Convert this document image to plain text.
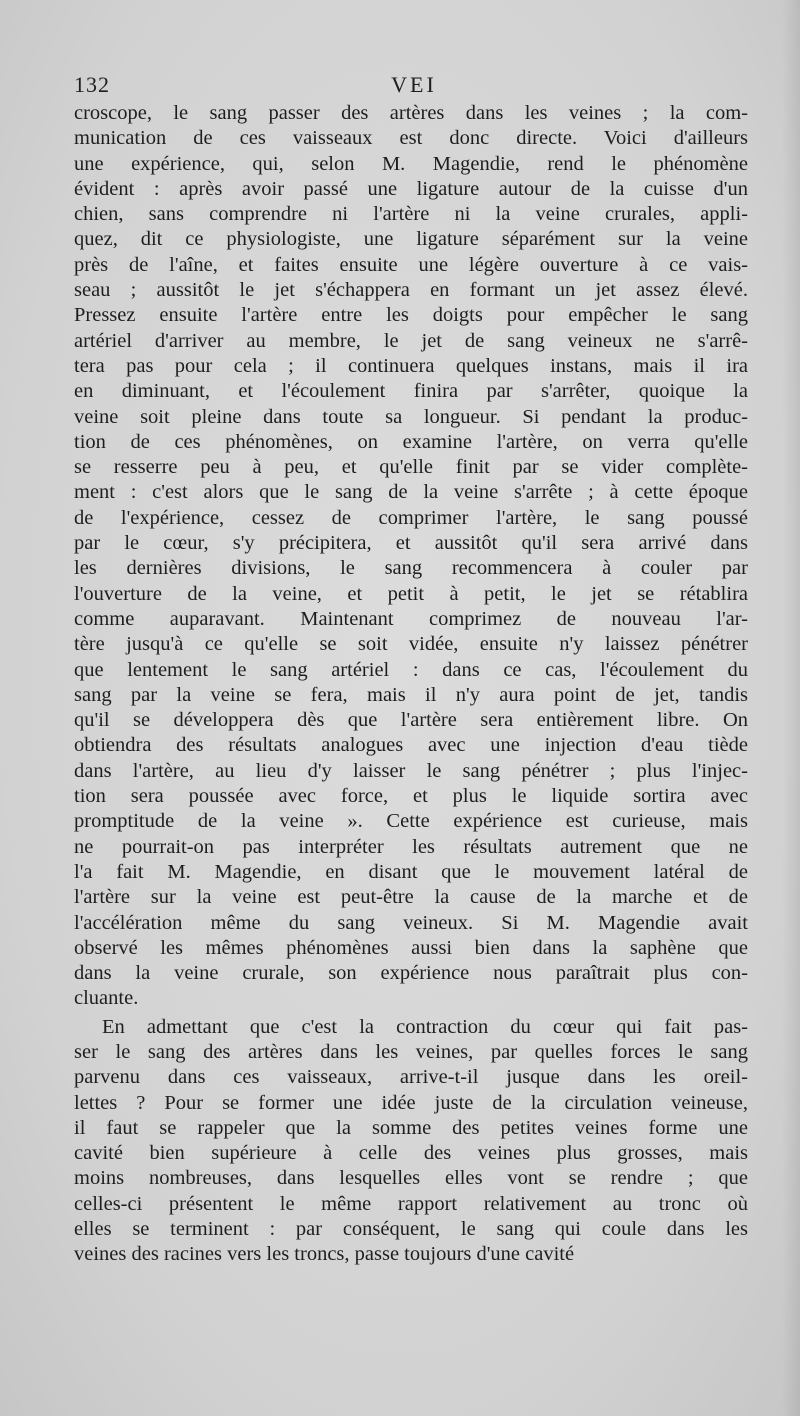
132	VEI
croscope, le sang passer des artères dans les veines ; la com-
munication de ces vaisseaux est donc directe. Voici d'ailleurs
une expérience, qui, selon M. Magendie, rend le phénomène
évident : après avoir passé une ligature autour de la cuisse d'un
chien, sans comprendre ni l'artère ni la veine crurales, appli-
quez, dit ce physiologiste, une ligature séparément sur la veine
près de l'aîne, et faites ensuite une légère ouverture à ce vais-
seau ; aussitôt le jet s'échappera en formant un jet assez élevé.
Pressez ensuite l'artère entre les doigts pour empêcher le sang
artériel d'arriver au membre, le jet de sang veineux ne s'arrê-
tera pas pour cela ; il continuera quelques instans, mais il ira
en diminuant, et l'écoulement finira par s'arrêter, quoique la
veine soit pleine dans toute sa longueur. Si pendant la produc-
tion de ces phénomènes, on examine l'artère, on verra qu'elle
se resserre peu à peu, et qu'elle finit par se vider complète-
ment : c'est alors que le sang de la veine s'arrête ; à cette époque
de l'expérience, cessez de comprimer l'artère, le sang poussé
par le cœur, s'y précipitera, et aussitôt qu'il sera arrivé dans
les dernières divisions, le sang recommencera à couler par
l'ouverture de la veine, et petit à petit, le jet se rétablira
comme auparavant. Maintenant comprimez de nouveau l'ar-
tère jusqu'à ce qu'elle se soit vidée, ensuite n'y laissez pénétrer
que lentement le sang artériel : dans ce cas, l'écoulement du
sang par la veine se fera, mais il n'y aura point de jet, tandis
qu'il se développera dès que l'artère sera entièrement libre. On
obtiendra des résultats analogues avec une injection d'eau tiède
dans l'artère, au lieu d'y laisser le sang pénétrer ; plus l'injec-
tion sera poussée avec force, et plus le liquide sortira avec
promptitude de la veine ». Cette expérience est curieuse, mais
ne pourrait-on pas interpréter les résultats autrement que ne
l'a fait M. Magendie, en disant que le mouvement latéral de
l'artère sur la veine est peut-être la cause de la marche et de
l'accélération même du sang veineux. Si M. Magendie avait
observé les mêmes phénomènes aussi bien dans la saphène que
dans la veine crurale, son expérience nous paraîtrait plus con-
cluante.
En admettant que c'est la contraction du cœur qui fait pas-
ser le sang des artères dans les veines, par quelles forces le sang
parvenu dans ces vaisseaux, arrive-t-il jusque dans les oreil-
lettes ? Pour se former une idée juste de la circulation veineuse,
il faut se rappeler que la somme des petites veines forme une
cavité bien supérieure à celle des veines plus grosses, mais
moins nombreuses, dans lesquelles elles vont se rendre ; que
celles-ci présentent le même rapport relativement au tronc où
elles se terminent : par conséquent, le sang qui coule dans les
veines des racines vers les troncs, passe toujours d'une cavité
